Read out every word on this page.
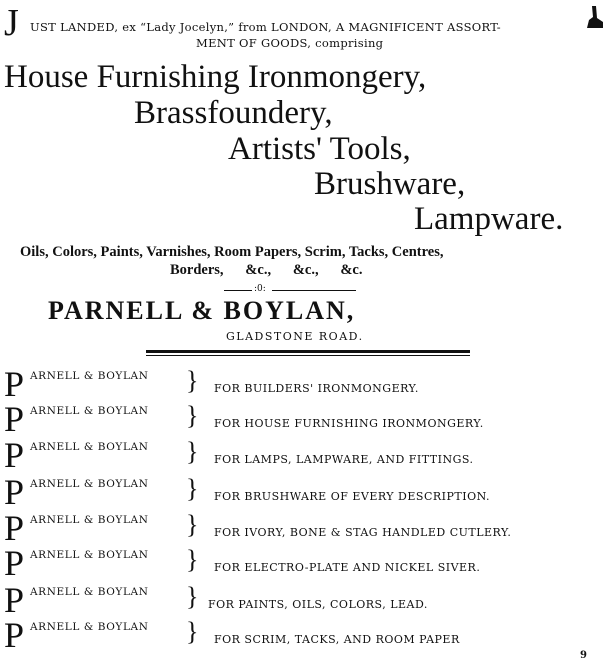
J UST LANDED, ex “Lady Jocelyn,” from LONDON, A MAGNIFICENT ASSORT-
MENT OF GOODS, comprising
House Furnishing Ironmongery,
Brassfoundery,
Artists' Tools,
Brushware,
Lampware.
Oils, Colors, Paints, Varnishes, Room Papers, Scrim, Tacks, Centres,
Borders,      &c.,      &c.,      &c.
:0:
PARNELL & BOYLAN,
GLADSTONE ROAD.
P ARNELL & BOYLAN } FOR BUILDERS' IRONMONGERY.
P ARNELL & BOYLAN } FOR HOUSE FURNISHING IRONMONGERY.
P ARNELL & BOYLAN } FOR LAMPS, LAMPWARE, AND FITTINGS.
P ARNELL & BOYLAN } FOR BRUSHWARE OF EVERY DESCRIPTION.
P ARNELL & BOYLAN } FOR IVORY, BONE & STAG HANDLED CUTLERY.
P ARNELL & BOYLAN } FOR ELECTRO-PLATE AND NICKEL SIVER.
P ARNELL & BOYLAN } FOR PAINTS, OILS, COLORS, LEAD.
P ARNELL & BOYLAN } FOR SCRIM, TACKS, AND ROOM PAPER
9
